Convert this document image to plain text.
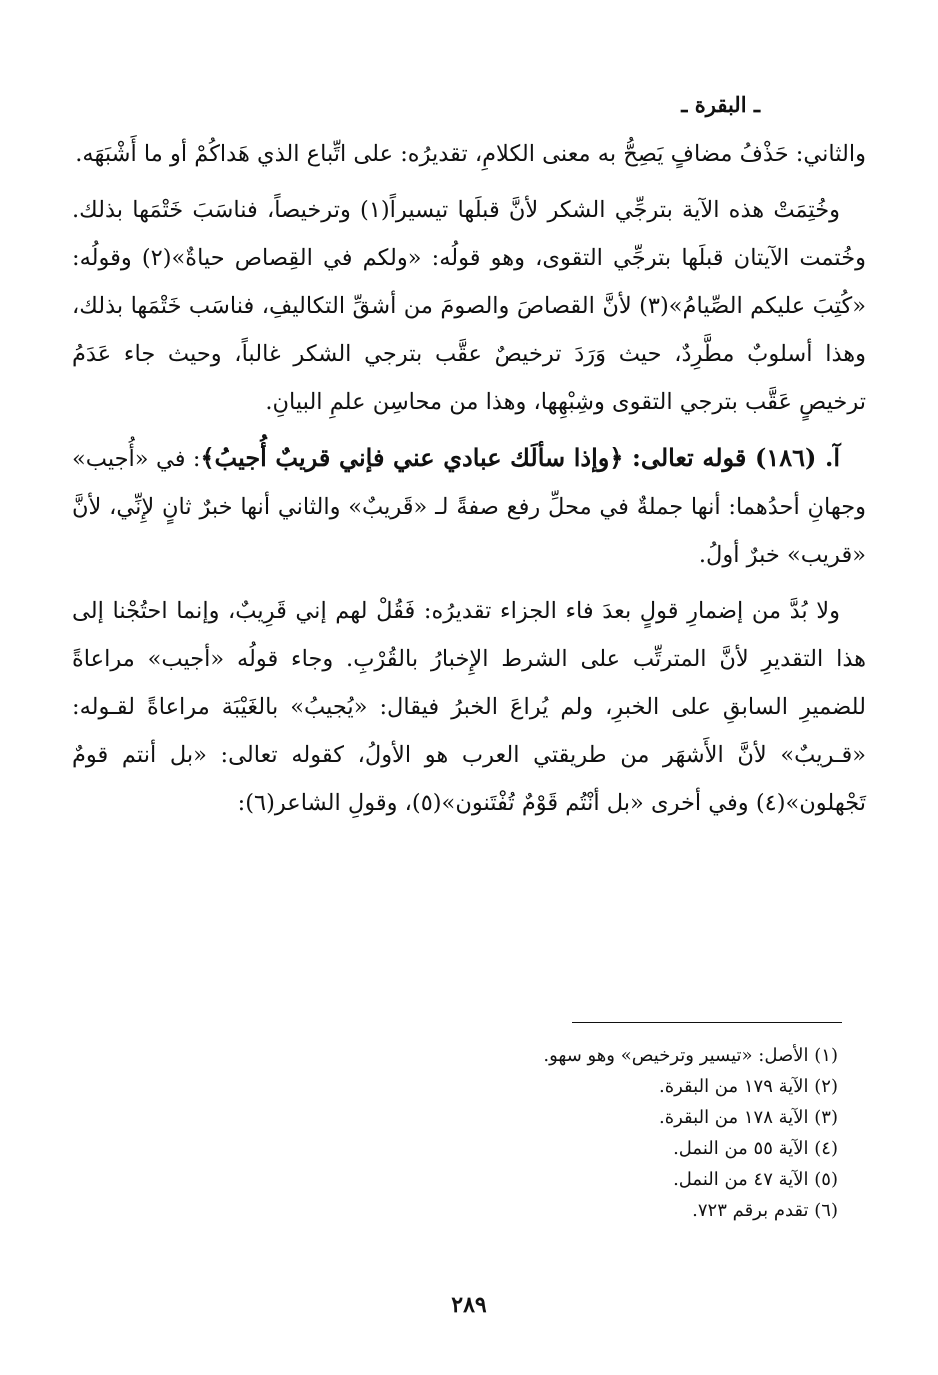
ـ البقرة ـ

والثاني: حَذْفُ مضافٍ يَصِحُّ به معنى الكلامِ، تقديرُه: على اتِّباع الذي هَداكُمْ أو ما أَشْبَهَه.

وخُتِمَتْ هذه الآية بترجِّي الشكر لأنَّ قبلَها تيسيراً(١) وترخيصاً، فناسَبَ خَتْمَها بذلك. وخُتمت الآيتان قبلَها بترجِّي التقوى، وهو قولُه: «ولكم في القِصاص حياةٌ»(٢) وقولُه: «كُتِبَ عليكم الصِّيامُ»(٣) لأنَّ القصاصَ والصومَ من أشقِّ التكاليفِ، فناسَب خَتْمَها بذلك، وهذا أسلوبٌ مطَّرِدٌ، حيث وَرَدَ ترخيصٌ عقَّب بترجي الشكر غالباً، وحيث جاء عَدَمُ ترخيصٍ عَقَّب بترجي التقوى وشِبْهِها، وهذا من محاسِن علمِ البيانِ.

آ. (١٨٦) قوله تعالى: ﴿وإذا سألَك عبادي عني فإني قريبٌ أُجيبُ﴾: في «أُجيب» وجهانِ أحدُهما: أنها جملةٌ في محلِّ رفع صفةً لـ «قَريبٌ» والثاني أنها خبرٌ ثانٍ لإِنِّي، لأنَّ «قريب» خبرٌ أولُ.

ولا بُدَّ من إضمارِ قولٍ بعدَ فاء الجزاء تقديرُه: فَقُلْ لهم إني قَرِيبٌ، وإنما احتُجْنا إلى هذا التقديرِ لأنَّ المترتِّب على الشرط الإِخبارُ بالقُرْبِ. وجاء قولُه «أجيب» مراعاةً للضميرِ السابقِ على الخبرِ، ولم يُراعَ الخبرُ فيقال: «يُجيبُ» بالغَيْبَة مراعاةً لقـوله: «قـريبٌ» لأنَّ الأَشهَر من طريقتي العرب هو الأولُ، كقوله تعالى: «بل أنتم قومٌ تَجْهلون»(٤) وفي أخرى «بل أنْتُم قَوْمٌ تُفْتَنون»(٥)، وقولِ الشاعر(٦):

(١) الأصل: «تيسير وترخيص» وهو سهو.
(٢) الآية ١٧٩ من البقرة.
(٣) الآية ١٧٨ من البقرة.
(٤) الآية ٥٥ من النمل.
(٥) الآية ٤٧ من النمل.
(٦) تقدم برقم ٧٢٣.
٢٨٩
